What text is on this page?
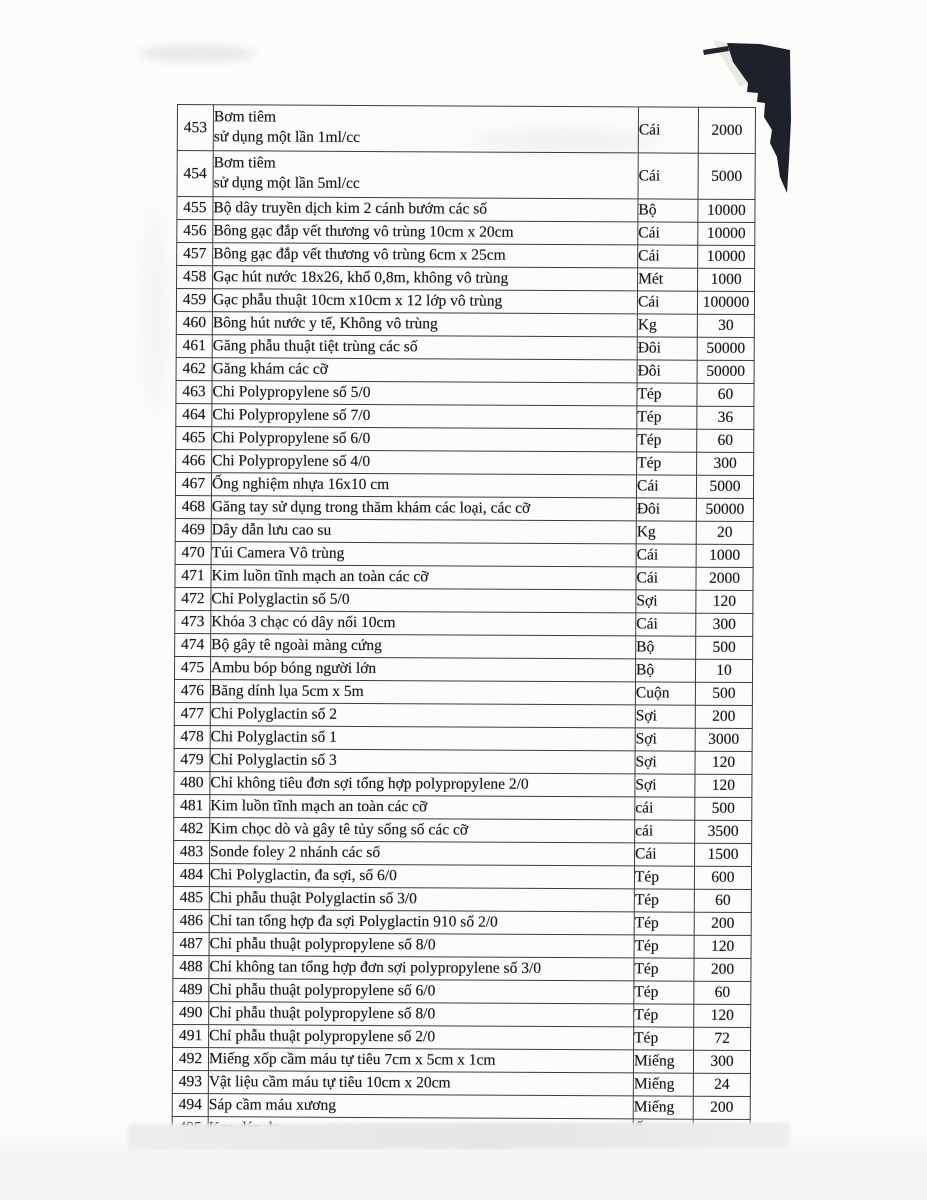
453	Bơm tiêm
sử dụng một lần 1ml/cc	Cái	2000
454	Bơm tiêm
sử dụng một lần 5ml/cc	Cái	5000
455	Bộ dây truyền dịch kim 2 cánh bướm các số	Bộ	10000
456	Bông gạc đắp vết thương vô trùng 10cm x 20cm	Cái	10000
457	Bông gạc đắp vết thương vô trùng 6cm x 25cm	Cái	10000
458	Gạc hút nước 18x26, khổ 0,8m, không vô trùng	Mét	1000
459	Gạc phẫu thuật 10cm x10cm x 12 lớp vô trùng	Cái	100000
460	Bông hút nước y tế, Không vô trùng	Kg	30
461	Găng phẫu thuật tiệt trùng các số	Đôi	50000
462	Găng khám các cỡ	Đôi	50000
463	Chi Polypropylene số 5/0	Tép	60
464	Chi Polypropylene số 7/0	Tép	36
465	Chi Polypropylene số 6/0	Tép	60
466	Chi Polypropylene số 4/0	Tép	300
467	Ống nghiệm nhựa 16x10 cm	Cái	5000
468	Găng tay sử dụng trong thăm khám các loại, các cỡ	Đôi	50000
469	Dây dẫn lưu cao su	Kg	20
470	Túi Camera Vô trùng	Cái	1000
471	Kim luồn tĩnh mạch an toàn các cỡ	Cái	2000
472	Chỉ Polyglactin số 5/0	Sợi	120
473	Khóa 3 chạc có dây nối 10cm	Cái	300
474	Bộ gây tê ngoài màng cứng	Bộ	500
475	Ambu bóp bóng người lớn	Bộ	10
476	Băng dính lụa 5cm x 5m	Cuộn	500
477	Chi Polyglactin số 2	Sợi	200
478	Chi Polyglactin số 1	Sợi	3000
479	Chỉ Polyglactin số 3	Sợi	120
480	Chỉ không tiêu đơn sợi tổng hợp polypropylene 2/0	Sợi	120
481	Kim luồn tĩnh mạch an toàn các cỡ	cái	500
482	Kim chọc dò và gây tê tủy sống số các cỡ	cái	3500
483	Sonde foley 2 nhánh các số	Cái	1500
484	Chi Polyglactin, đa sợi, số 6/0	Tép	600
485	Chi phẫu thuật Polyglactin số 3/0	Tép	60
486	Chỉ tan tổng hợp đa sợi Polyglactin 910 số 2/0	Tép	200
487	Chỉ phẫu thuật polypropylene số 8/0	Tép	120
488	Chỉ không tan tổng hợp đơn sợi polypropylene số 3/0	Tép	200
489	Chỉ phẫu thuật polypropylene số 6/0	Tép	60
490	Chỉ phẫu thuật polypropylene số 8/0	Tép	120
491	Chỉ phẫu thuật polypropylene số 2/0	Tép	72
492	Miếng xốp cầm máu tự tiêu 7cm x 5cm x 1cm	Miếng	300
493	Vật liệu cầm máu tự tiêu 10cm x 20cm	Miếng	24
494	Sáp cầm máu xương	Miếng	200
